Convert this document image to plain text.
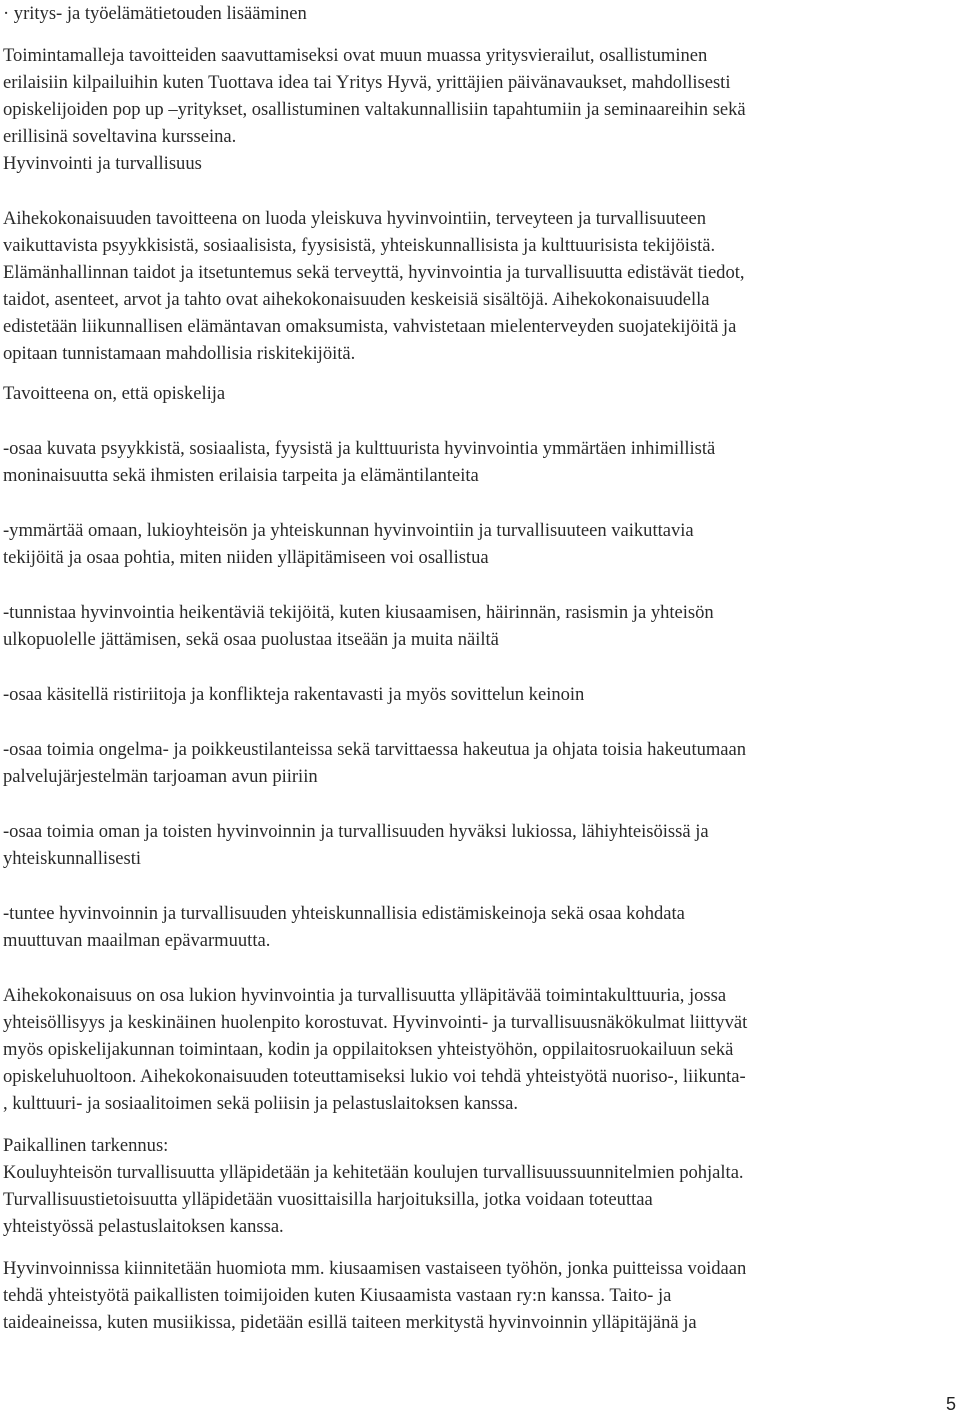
· yritys- ja työelämätietouden lisääminen
Toimintamalleja tavoitteiden saavuttamiseksi ovat muun muassa yritysvierailut, osallistuminen
erilaisiin kilpailuihin kuten Tuottava idea tai Yritys Hyvä, yrittäjien päivänavaukset, mahdollisesti
opiskelijoiden pop up –yritykset, osallistuminen valtakunnallisiin tapahtumiin ja seminaareihin sekä
erillisinä soveltavina kursseina.
Hyvinvointi ja turvallisuus
Aihekokonaisuuden tavoitteena on luoda yleiskuva hyvinvointiin, terveyteen ja turvallisuuteen
vaikuttavista psyykkisistä, sosiaalisista, fyysisistä, yhteiskunnallisista ja kulttuurisista tekijöistä.
Elämänhallinnan taidot ja itsetuntemus sekä terveyttä, hyvinvointia ja turvallisuutta edistävät tiedot,
taidot, asenteet, arvot ja tahto ovat aihekokonaisuuden keskeisiä sisältöjä. Aihekokonaisuudella
edistetään liikunnallisen elämäntavan omaksumista, vahvistetaan mielenterveyden suojatekijöitä ja
opitaan tunnistamaan mahdollisia riskitekijöitä.
Tavoitteena on, että opiskelija
-osaa kuvata psyykkistä, sosiaalista, fyysistä ja kulttuurista hyvinvointia ymmärtäen inhimillistä
moninaisuutta sekä ihmisten erilaisia tarpeita ja elämäntilanteita
-ymmärtää omaan, lukioyhteisön ja yhteiskunnan hyvinvointiin ja turvallisuuteen vaikuttavia
tekijöitä ja osaa pohtia, miten niiden ylläpitämiseen voi osallistua
-tunnistaa hyvinvointia heikentäviä tekijöitä, kuten kiusaamisen, häirinnän, rasismin ja yhteisön
ulkopuolelle jättämisen, sekä osaa puolustaa itseään ja muita näiltä
-osaa käsitellä ristiriitoja ja konflikteja rakentavasti ja myös sovittelun keinoin
-osaa toimia ongelma- ja poikkeustilanteissa sekä tarvittaessa hakeutua ja ohjata toisia hakeutumaan
palvelujärjestelmän tarjoaman avun piiriin
-osaa toimia oman ja toisten hyvinvoinnin ja turvallisuuden hyväksi lukiossa, lähiyhteisöissä ja
yhteiskunnallisesti
-tuntee hyvinvoinnin ja turvallisuuden yhteiskunnallisia edistämiskeinoja sekä osaa kohdata
muuttuvan maailman epävarmuutta.
Aihekokonaisuus on osa lukion hyvinvointia ja turvallisuutta ylläpitävää toimintakulttuuria, jossa
yhteisöllisyys ja keskinäinen huolenpito korostuvat. Hyvinvointi- ja turvallisuusnäkökulmat liittyvät
myös opiskelijakunnan toimintaan, kodin ja oppilaitoksen yhteistyöhön, oppilaitosruokailuun sekä
opiskeluhuoltoon. Aihekokonaisuuden toteuttamiseksi lukio voi tehdä yhteistyötä nuoriso-, liikunta-
, kulttuuri- ja sosiaalitoimen sekä poliisin ja pelastuslaitoksen kanssa.
Paikallinen tarkennus:
Kouluyhteisön turvallisuutta ylläpidetään ja kehitetään koulujen turvallisuussuunnitelmien pohjalta.
Turvallisuustietoisuutta ylläpidetään vuosittaisilla harjoituksilla, jotka voidaan toteuttaa
yhteistyössä pelastuslaitoksen kanssa.
Hyvinvoinnissa kiinnitetään huomiota mm. kiusaamisen vastaiseen työhön, jonka puitteissa voidaan
tehdä yhteistyötä paikallisten toimijoiden kuten Kiusaamista vastaan ry:n kanssa. Taito- ja
taideaineissa, kuten musiikissa, pidetään esillä taiteen merkitystä hyvinvoinnin ylläpitäjänä ja
5
